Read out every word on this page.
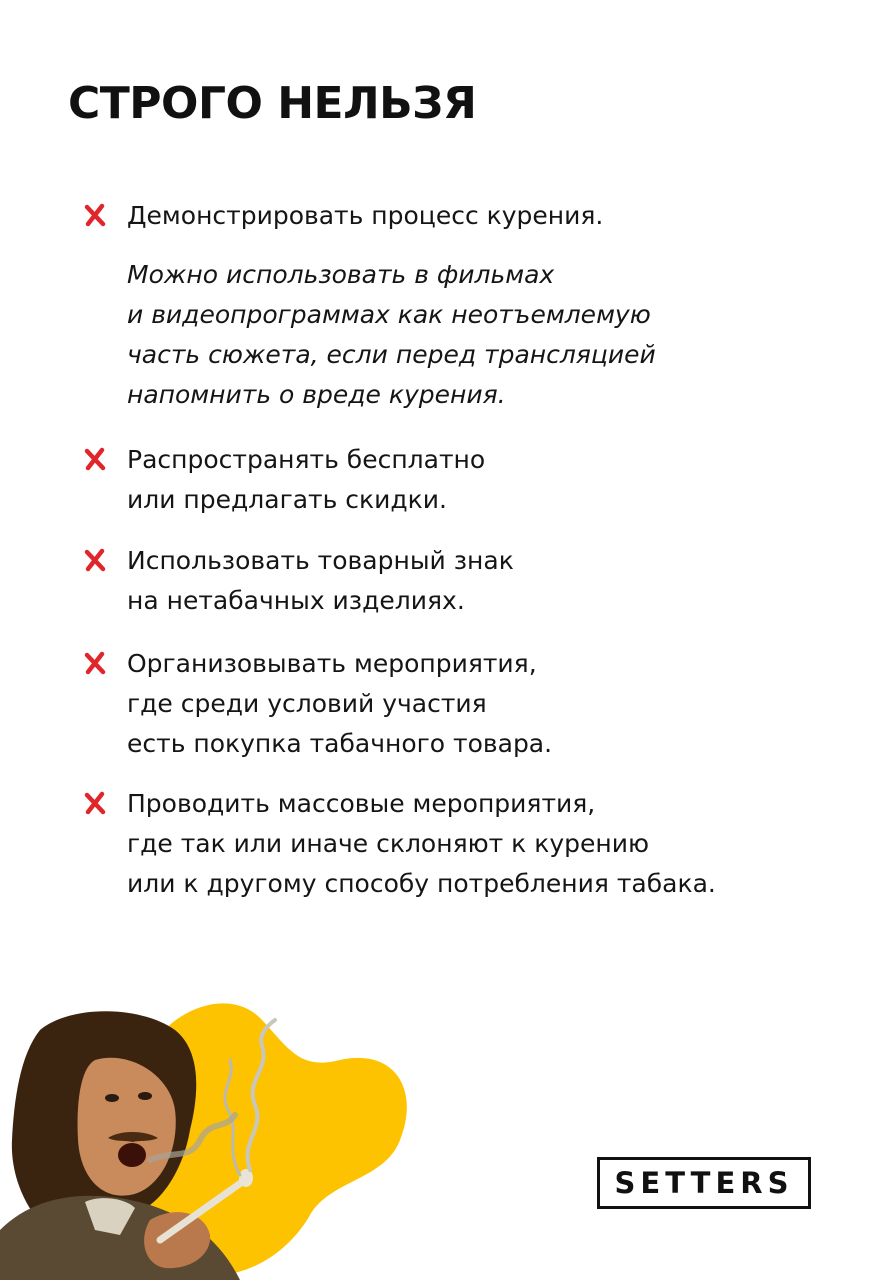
СТРОГО НЕЛЬЗЯ
Демонстрировать процесс курения.
Можно использовать в фильмах
и видеопрограммах как неотъемлемую
часть сюжета, если перед трансляцией
напомнить о вреде курения.
Распространять бесплатно
или предлагать скидки.
Использовать товарный знак
на нетабачных изделиях.
Организовывать мероприятия,
где среди условий участия
есть покупка табачного товара.
Проводить массовые мероприятия,
где так или иначе склоняют к курению
или к другому способу потребления табака.
SETTERS
